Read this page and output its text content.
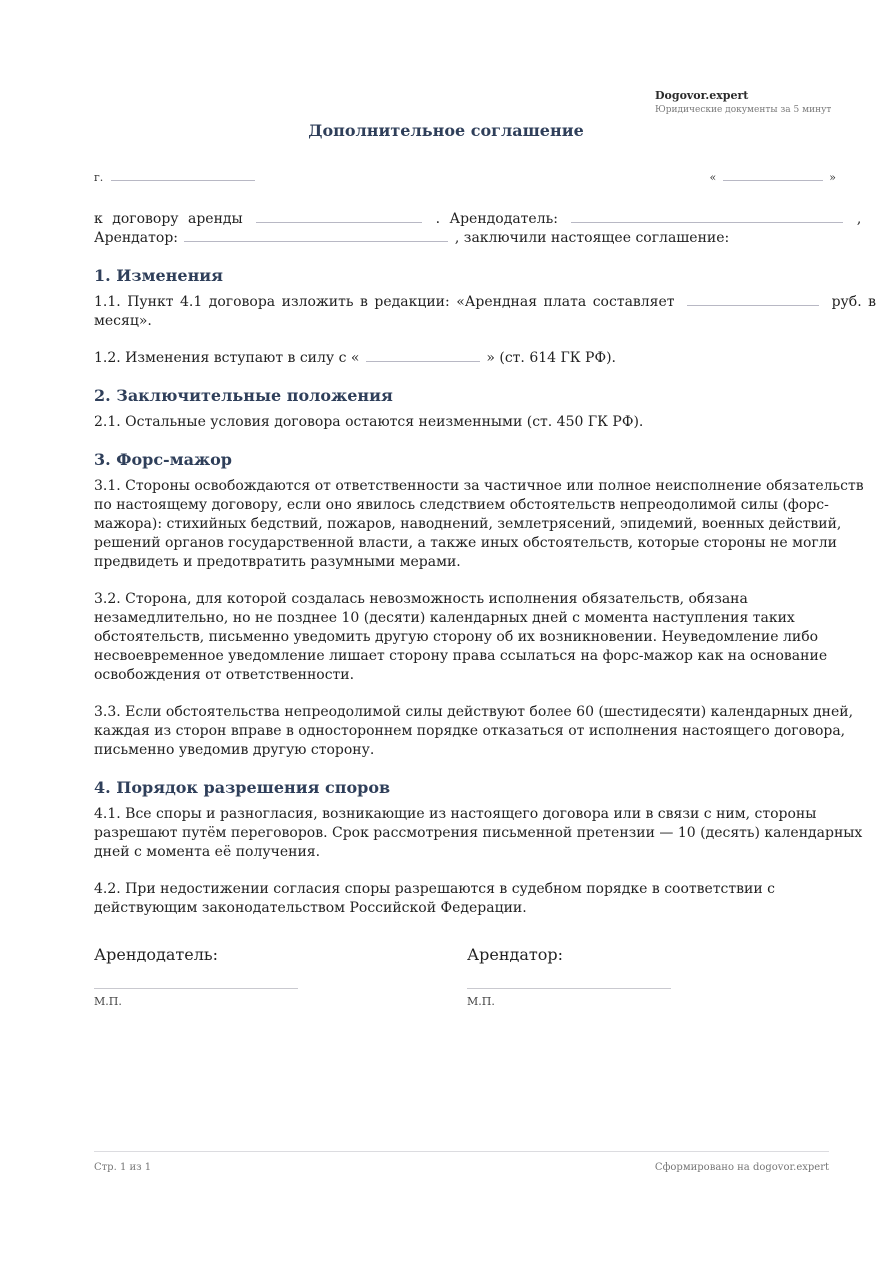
Dogovor.expert
Юридические документы за 5 минут
Дополнительное соглашение
г.	«	»

к договору аренды	. Арендодатель:	,

Арендатор:	, заключили настоящее соглашение:

1. Изменения

1.1. Пункт 4.1 договора изложить в редакции: «Арендная плата составляет	руб. в месяц».

1.2. Изменения вступают в силу с «	» (ст. 614 ГК РФ).

2. Заключительные положения

2.1. Остальные условия договора остаются неизменными (ст. 450 ГК РФ).

3. Форс-мажор

3.1. Стороны освобождаются от ответственности за частичное или полное неисполнение обязательств по настоящему договору, если оно явилось следствием обстоятельств непреодолимой силы (форс-мажора): стихийных бедствий, пожаров, наводнений, землетрясений, эпидемий, военных действий, решений органов государственной власти, а также иных обстоятельств, которые стороны не могли предвидеть и предотвратить разумными мерами.

3.2. Сторона, для которой создалась невозможность исполнения обязательств, обязана незамедлительно, но не позднее 10 (десяти) календарных дней с момента наступления таких обстоятельств, письменно уведомить другую сторону об их возникновении. Неуведомление либо несвоевременное уведомление лишает сторону права ссылаться на форс-мажор как на основание освобождения от ответственности.

3.3. Если обстоятельства непреодолимой силы действуют более 60 (шестидесяти) календарных дней, каждая из сторон вправе в одностороннем порядке отказаться от исполнения настоящего договора, письменно уведомив другую сторону.

4. Порядок разрешения споров

4.1. Все споры и разногласия, возникающие из настоящего договора или в связи с ним, стороны разрешают путём переговоров. Срок рассмотрения письменной претензии — 10 (десять) календарных дней с момента её получения.

4.2. При недостижении согласия споры разрешаются в судебном порядке в соответствии с действующим законодательством Российской Федерации.

Арендодатель:
М.П.
Арендатор:
М.П.
Стр. 1 из 1	Сформировано на dogovor.expert
